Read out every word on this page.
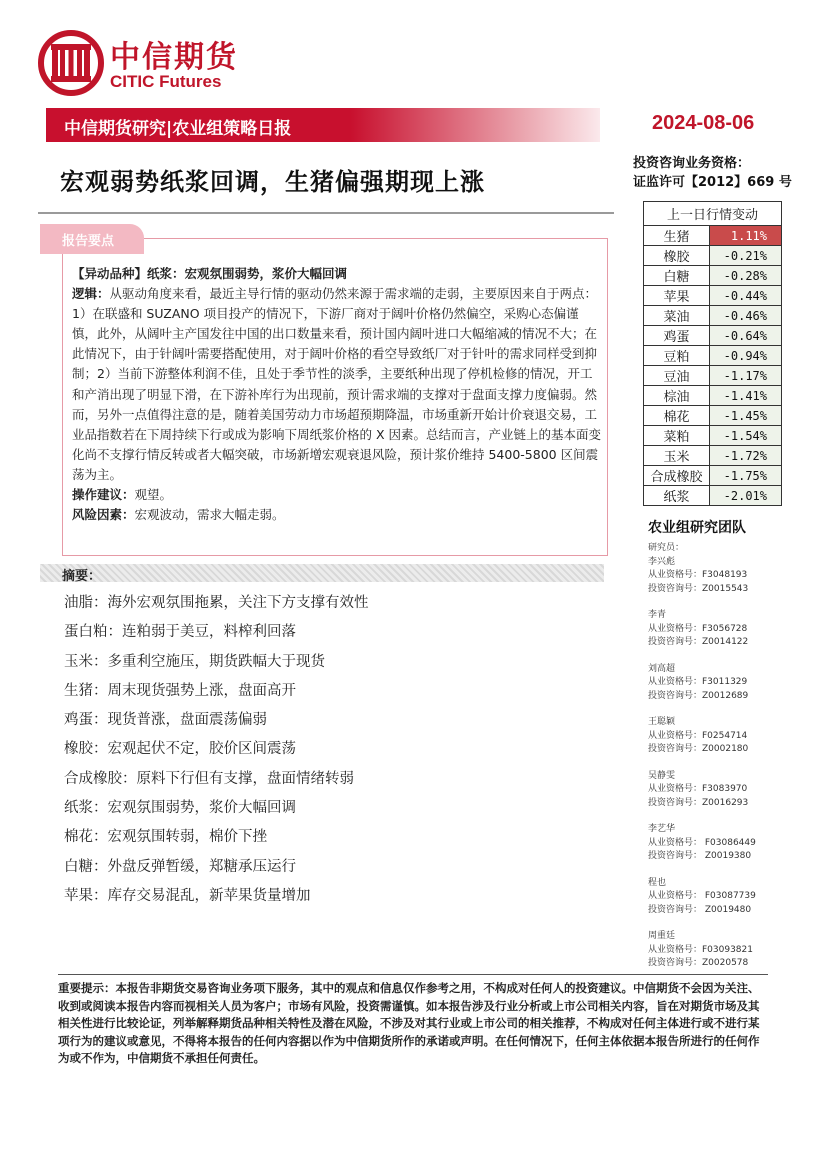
中信期货
CITIC Futures
中信期货研究|农业组策略日报	2024-08-06
宏观弱势纸浆回调，生猪偏强期现上涨
投资咨询业务资格：
证监许可【2012】669 号
报告要点

【异动品种】纸浆：宏观氛围弱势，浆价大幅回调

逻辑：从驱动角度来看，最近主导行情的驱动仍然来源于需求端的走弱，主要原因来自于两点：1）在联盛和 SUZANO 项目投产的情况下，下游厂商对于阔叶价格仍然偏空，采购心态偏谨慎，此外，从阔叶主产国发往中国的出口数量来看，预计国内阔叶进口大幅缩减的情况不大；在此情况下，由于针阔叶需要搭配使用，对于阔叶价格的看空导致纸厂对于针叶的需求同样受到抑制；2）当前下游整体利润不佳，且处于季节性的淡季，主要纸种出现了停机检修的情况，开工和产消出现了明显下滑，在下游补库行为出现前，预计需求端的支撑对于盘面支撑力度偏弱。然而，另外一点值得注意的是，随着美国劳动力市场超预期降温，市场重新开始计价衰退交易，工业品指数若在下周持续下行或成为影响下周纸浆价格的 X 因素。总结而言，产业链上的基本面变化尚不支撑行情反转或者大幅突破，市场新增宏观衰退风险，预计浆价维持 5400-5800 区间震荡为主。

操作建议：观望。

风险因素：宏观波动，需求大幅走弱。

摘要：
油脂：海外宏观氛围拖累，关注下方支撑有效性
蛋白粕：连粕弱于美豆，料榨利回落
玉米：多重利空施压，期货跌幅大于现货
生猪：周末现货强势上涨，盘面高开
鸡蛋：现货普涨，盘面震荡偏弱
橡胶：宏观起伏不定，胶价区间震荡
合成橡胶：原料下行但有支撑，盘面情绪转弱
纸浆：宏观氛围弱势，浆价大幅回调
棉花：宏观氛围转弱，棉价下挫
白糖：外盘反弹暂缓，郑糖承压运行
苹果：库存交易混乱，新苹果货量增加
上一日行情变动	
生猪	1.11%
橡胶	-0.21%
白糖	-0.28%
苹果	-0.44%
菜油	-0.46%
鸡蛋	-0.64%
豆粕	-0.94%
豆油	-1.17%
棕油	-1.41%
棉花	-1.45%
菜粕	-1.54%
玉米	-1.72%
合成橡胶	-1.75%
纸浆	-2.01%
农业组研究团队
研究员：
李兴彪
从业资格号：F3048193
投资咨询号：Z0015543
李青
从业资格号：F3056728
投资咨询号：Z0014122
刘高超
从业资格号：F3011329
投资咨询号：Z0012689
王聪颖
从业资格号：F0254714
投资咨询号：Z0002180
吴静雯
从业资格号：F3083970
投资咨询号：Z0016293
李艺华
从业资格号： F03086449
投资咨询号： Z0019380
程也
从业资格号： F03087739
投资咨询号： Z0019480
周重廷
从业资格号：F03093821
投资咨询号：Z0020578
重要提示：本报告非期货交易咨询业务项下服务，其中的观点和信息仅作参考之用，不构成对任何人的投资建议。中信期货不会因为关注、收到或阅读本报告内容而视相关人员为客户；市场有风险，投资需谨慎。如本报告涉及行业分析或上市公司相关内容，旨在对期货市场及其相关性进行比较论证，列举解释期货品种相关特性及潜在风险，不涉及对其行业或上市公司的相关推荐，不构成对任何主体进行或不进行某项行为的建议或意见，不得将本报告的任何内容据以作为中信期货所作的承诺或声明。在任何情况下，任何主体依据本报告所进行的任何作为或不作为，中信期货不承担任何责任。
